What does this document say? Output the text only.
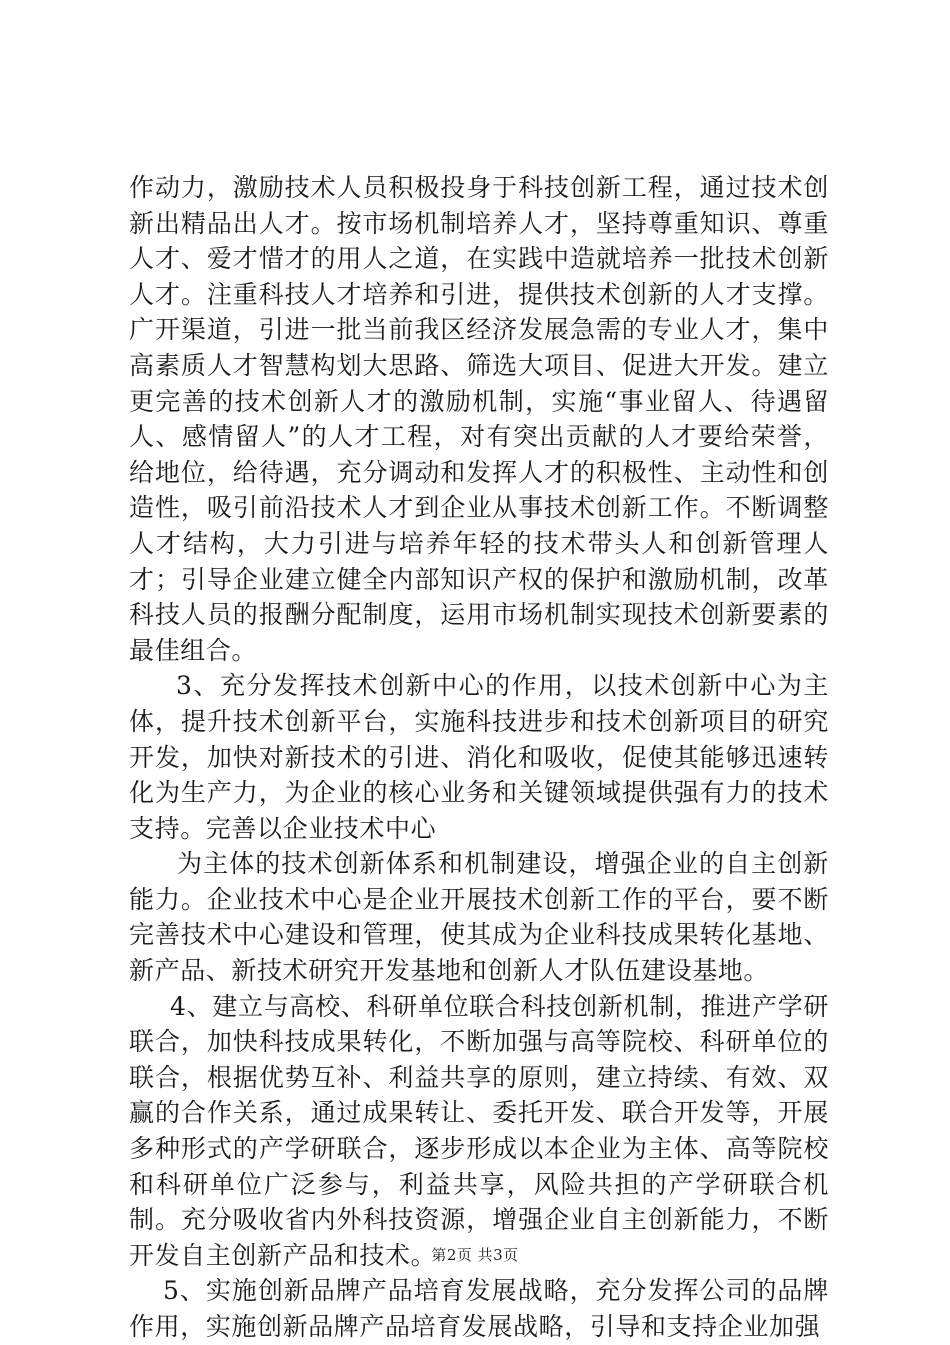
作动力，激励技术人员积极投身于科技创新工程，通过技术创新出精品出人才。按市场机制培养人才，坚持尊重知识、尊重人才、爱才惜才的用人之道，在实践中造就培养一批技术创新人才。注重科技人才培养和引进，提供技术创新的人才支撑。广开渠道，引进一批当前我区经济发展急需的专业人才，集中高素质人才智慧构划大思路、筛选大项目、促进大开发。建立更完善的技术创新人才的激励机制，实施“事业留人、待遇留人、感情留人”的人才工程，对有突出贡献的人才要给荣誉，给地位，给待遇，充分调动和发挥人才的积极性、主动性和创造性，吸引前沿技术人才到企业从事技术创新工作。不断调整人才结构，大力引进与培养年轻的技术带头人和创新管理人才；引导企业建立健全内部知识产权的保护和激励机制，改革科技人员的报酬分配制度，运用市场机制实现技术创新要素的最佳组合。

3、充分发挥技术创新中心的作用，以技术创新中心为主体，提升技术创新平台，实施科技进步和技术创新项目的研究开发，加快对新技术的引进、消化和吸收，促使其能够迅速转化为生产力，为企业的核心业务和关键领域提供强有力的技术支持。完善以企业技术中心

为主体的技术创新体系和机制建设，增强企业的自主创新能力。企业技术中心是企业开展技术创新工作的平台，要不断完善技术中心建设和管理，使其成为企业科技成果转化基地、新产品、新技术研究开发基地和创新人才队伍建设基地。

4、建立与高校、科研单位联合科技创新机制，推进产学研联合，加快科技成果转化，不断加强与高等院校、科研单位的联合，根据优势互补、利益共享的原则，建立持续、有效、双赢的合作关系，通过成果转让、委托开发、联合开发等，开展多种形式的产学研联合，逐步形成以本企业为主体、高等院校和科研单位广泛参与，利益共享，风险共担的产学研联合机制。充分吸收省内外科技资源，增强企业自主创新能力，不断开发自主创新产品和技术。

5、实施创新品牌产品培育发展战略，充分发挥公司的品牌作用，实施创新品牌产品培育发展战略，引导和支持企业加强

第2页 共3页
